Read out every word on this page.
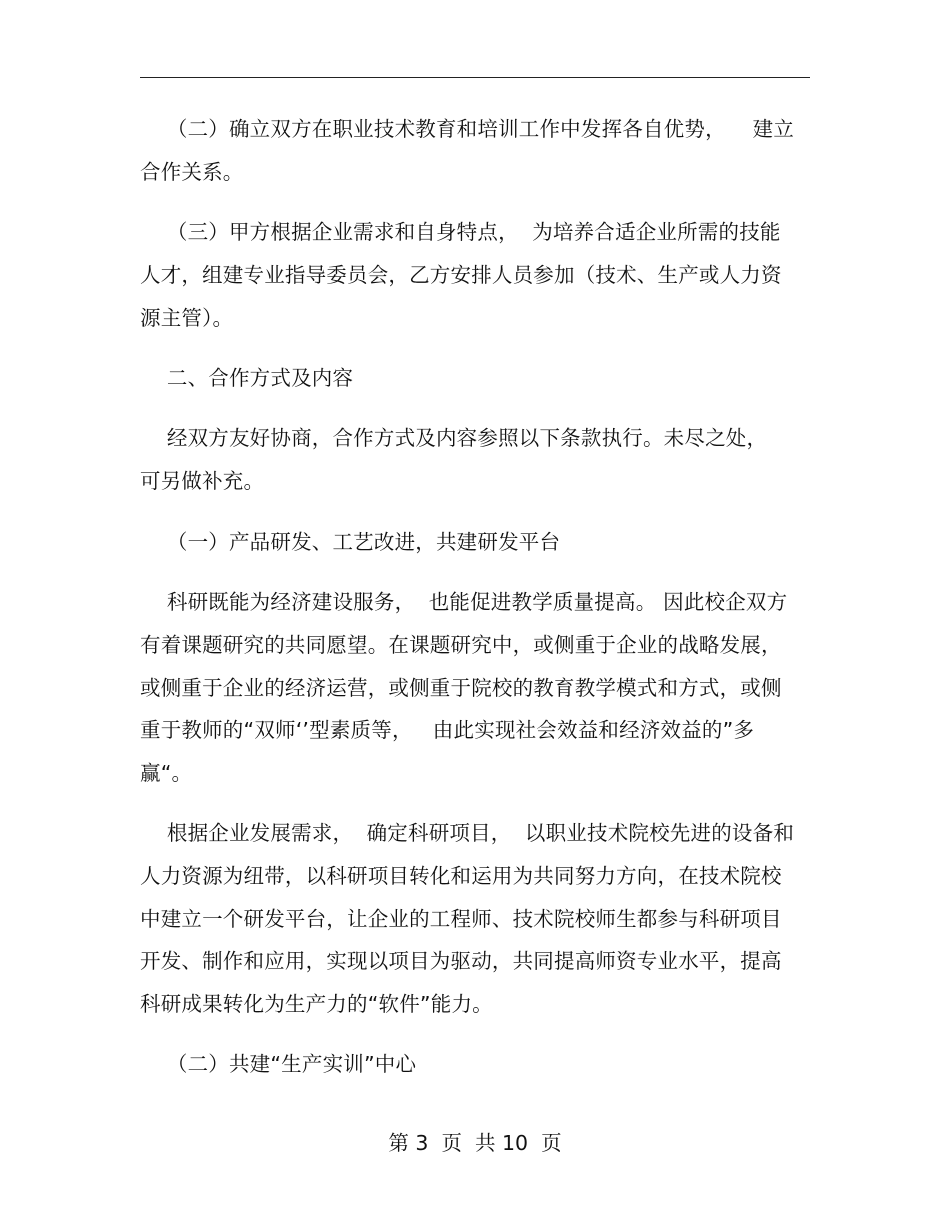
（二）确立双方在职业技术教育和培训工作中发挥各自优势，    建立
合作关系。
（三）甲方根据企业需求和自身特点，  为培养合适企业所需的技能
人才，组建专业指导委员会，乙方安排人员参加（技术、生产或人力资
源主管）。
二、合作方式及内容
经双方友好协商，合作方式及内容参照以下条款执行。未尽之处，
可另做补充。
（一）产品研发、工艺改进，共建研发平台
科研既能为经济建设服务，  也能促进教学质量提高。 因此校企双方
有着课题研究的共同愿望。在课题研究中，或侧重于企业的战略发展，
或侧重于企业的经济运营，或侧重于院校的教育教学模式和方式，或侧
重于教师的“双师‘’型素质等，   由此实现社会效益和经济效益的”多
赢“。
根据企业发展需求，  确定科研项目，  以职业技术院校先进的设备和
人力资源为纽带，以科研项目转化和运用为共同努力方向，在技术院校
中建立一个研发平台，让企业的工程师、技术院校师生都参与科研项目
开发、制作和应用，实现以项目为驱动，共同提高师资专业水平，提高
科研成果转化为生产力的“软件”能力。
（二）共建“生产实训”中心
第 3  页  共 10  页
